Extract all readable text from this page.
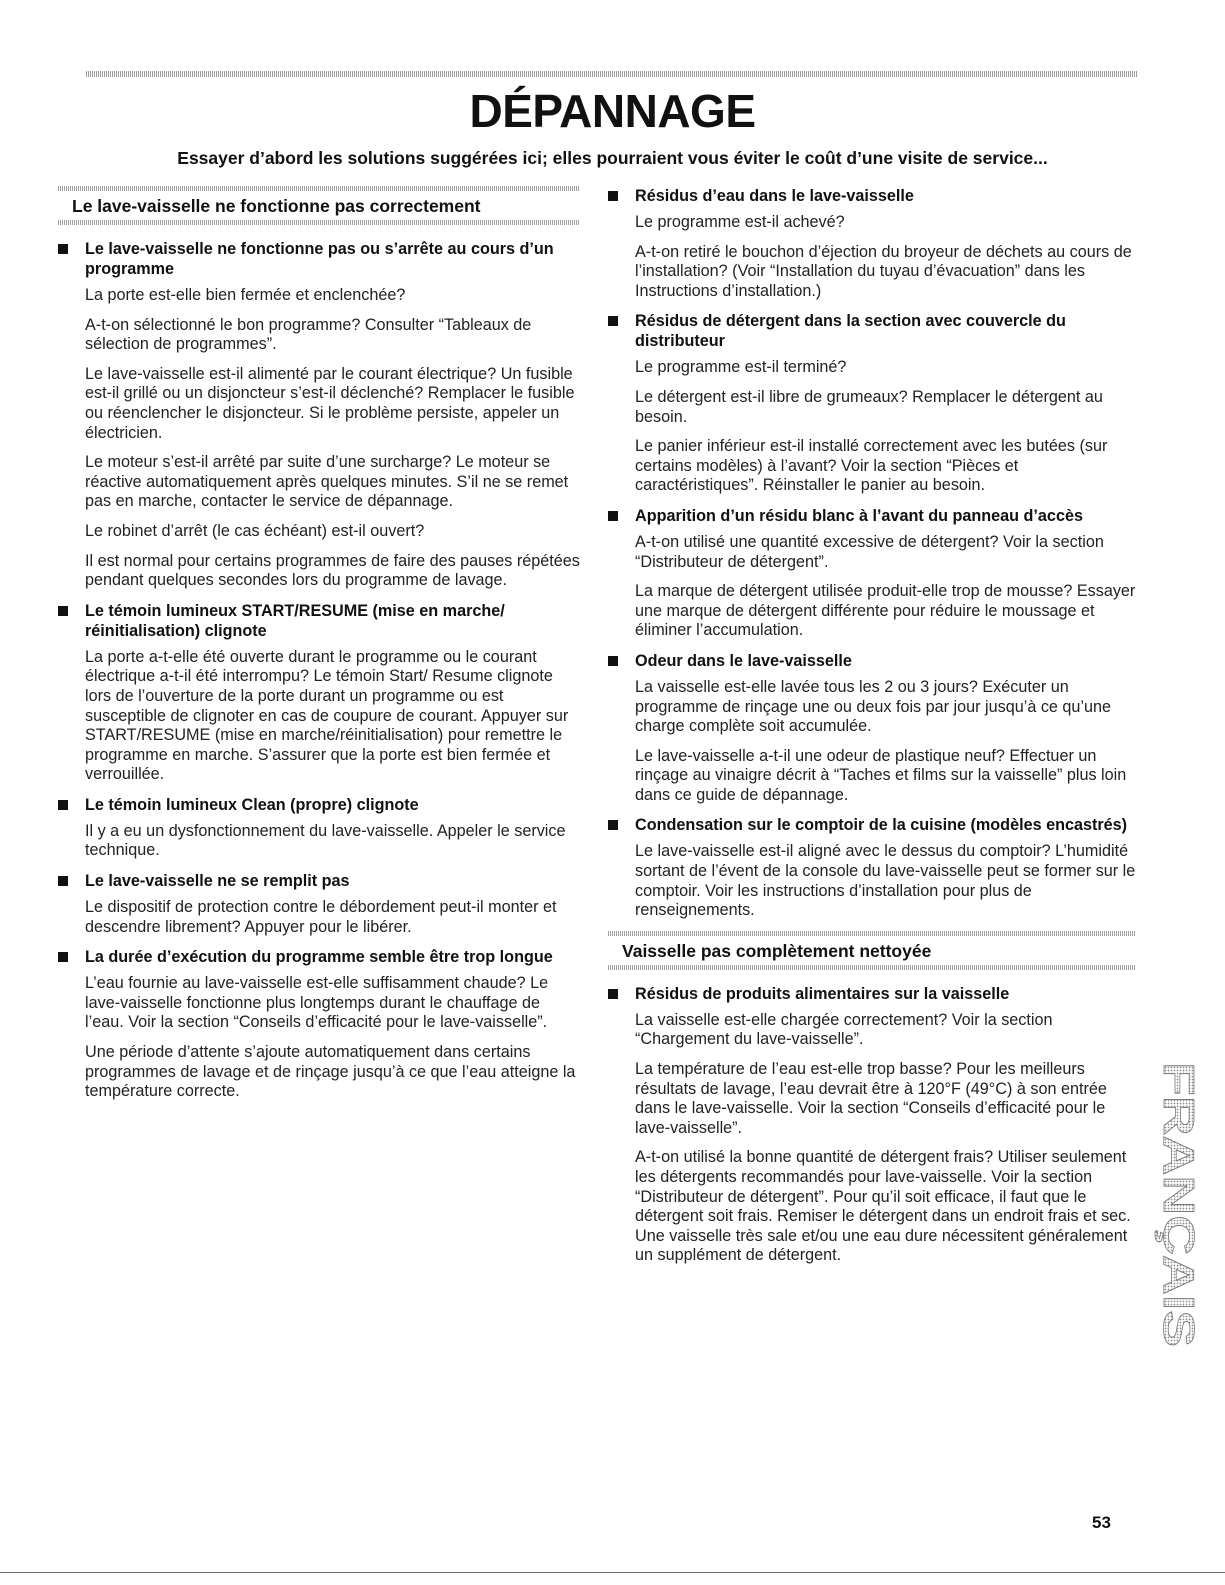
DÉPANNAGE
Essayer d’abord les solutions suggérées ici; elles pourraient vous éviter le coût d’une visite de service...
Le lave-vaisselle ne fonctionne pas correctement
Le lave-vaisselle ne fonctionne pas ou s’arrête au cours d’un programme

La porte est-elle bien fermée et enclenchée?

A-t-on sélectionné le bon programme? Consulter “Tableaux de sélection de programmes”.

Le lave-vaisselle est-il alimenté par le courant électrique? Un fusible est-il grillé ou un disjoncteur s’est-il déclenché? Remplacer le fusible ou réenclencher le disjoncteur. Si le problème persiste, appeler un électricien.

Le moteur s’est-il arrêté par suite d’une surcharge? Le moteur se réactive automatiquement après quelques minutes. S’il ne se remet pas en marche, contacter le service de dépannage.

Le robinet d’arrêt (le cas échéant) est-il ouvert?

Il est normal pour certains programmes de faire des pauses répétées pendant quelques secondes lors du programme de lavage.

Le témoin lumineux START/RESUME (mise en marche/ réinitialisation) clignote

La porte a-t-elle été ouverte durant le programme ou le courant électrique a-t-il été interrompu? Le témoin Start/ Resume clignote lors de l’ouverture de la porte durant un programme ou est susceptible de clignoter en cas de coupure de courant. Appuyer sur START/RESUME (mise en marche/réinitialisation) pour remettre le programme en marche. S’assurer que la porte est bien fermée et verrouillée.

Le témoin lumineux Clean (propre) clignote

Il y a eu un dysfonctionnement du lave-vaisselle. Appeler le service technique.

Le lave-vaisselle ne se remplit pas

Le dispositif de protection contre le débordement peut-il monter et descendre librement? Appuyer pour le libérer.

La durée d’exécution du programme semble être trop longue

L’eau fournie au lave-vaisselle est-elle suffisamment chaude? Le lave-vaisselle fonctionne plus longtemps durant le chauffage de l’eau. Voir la section “Conseils d’efficacité pour le lave-vaisselle”.

Une période d’attente s’ajoute automatiquement dans certains programmes de lavage et de rinçage jusqu’à ce que l’eau atteigne la température correcte.

Résidus d’eau dans le lave-vaisselle

Le programme est-il achevé?

A-t-on retiré le bouchon d’éjection du broyeur de déchets au cours de l’installation? (Voir “Installation du tuyau d’évacuation” dans les Instructions d’installation.)

Résidus de détergent dans la section avec couvercle du distributeur

Le programme est-il terminé?

Le détergent est-il libre de grumeaux? Remplacer le détergent au besoin.

Le panier inférieur est-il installé correctement avec les butées (sur certains modèles) à l’avant? Voir la section “Pièces et caractéristiques”. Réinstaller le panier au besoin.

Apparition d’un résidu blanc à l’avant du panneau d’accès

A-t-on utilisé une quantité excessive de détergent? Voir la section “Distributeur de détergent”.

La marque de détergent utilisée produit-elle trop de mousse? Essayer une marque de détergent différente pour réduire le moussage et éliminer l’accumulation.

Odeur dans le lave-vaisselle

La vaisselle est-elle lavée tous les 2 ou 3 jours? Exécuter un programme de rinçage une ou deux fois par jour jusqu’à ce qu’une charge complète soit accumulée.

Le lave-vaisselle a-t-il une odeur de plastique neuf? Effectuer un rinçage au vinaigre décrit à “Taches et films sur la vaisselle” plus loin dans ce guide de dépannage.

Condensation sur le comptoir de la cuisine (modèles encastrés)

Le lave-vaisselle est-il aligné avec le dessus du comptoir? L’humidité sortant de l’évent de la console du lave-vaisselle peut se former sur le comptoir. Voir les instructions d’installation pour plus de renseignements.

Vaisselle pas complètement nettoyée
Résidus de produits alimentaires sur la vaisselle

La vaisselle est-elle chargée correctement? Voir la section “Chargement du lave-vaisselle”.

La température de l’eau est-elle trop basse? Pour les meilleurs résultats de lavage, l’eau devrait être à 120°F (49°C) à son entrée dans le lave-vaisselle. Voir la section “Conseils d’efficacité pour le lave-vaisselle”.

A-t-on utilisé la bonne quantité de détergent frais? Utiliser seulement les détergents recommandés pour lave-vaisselle. Voir la section “Distributeur de détergent”. Pour qu’il soit efficace, il faut que le détergent soit frais. Remiser le détergent dans un endroit frais et sec. Une vaisselle très sale et/ou une eau dure nécessitent généralement un supplément de détergent.	FRANÇAIS
53
